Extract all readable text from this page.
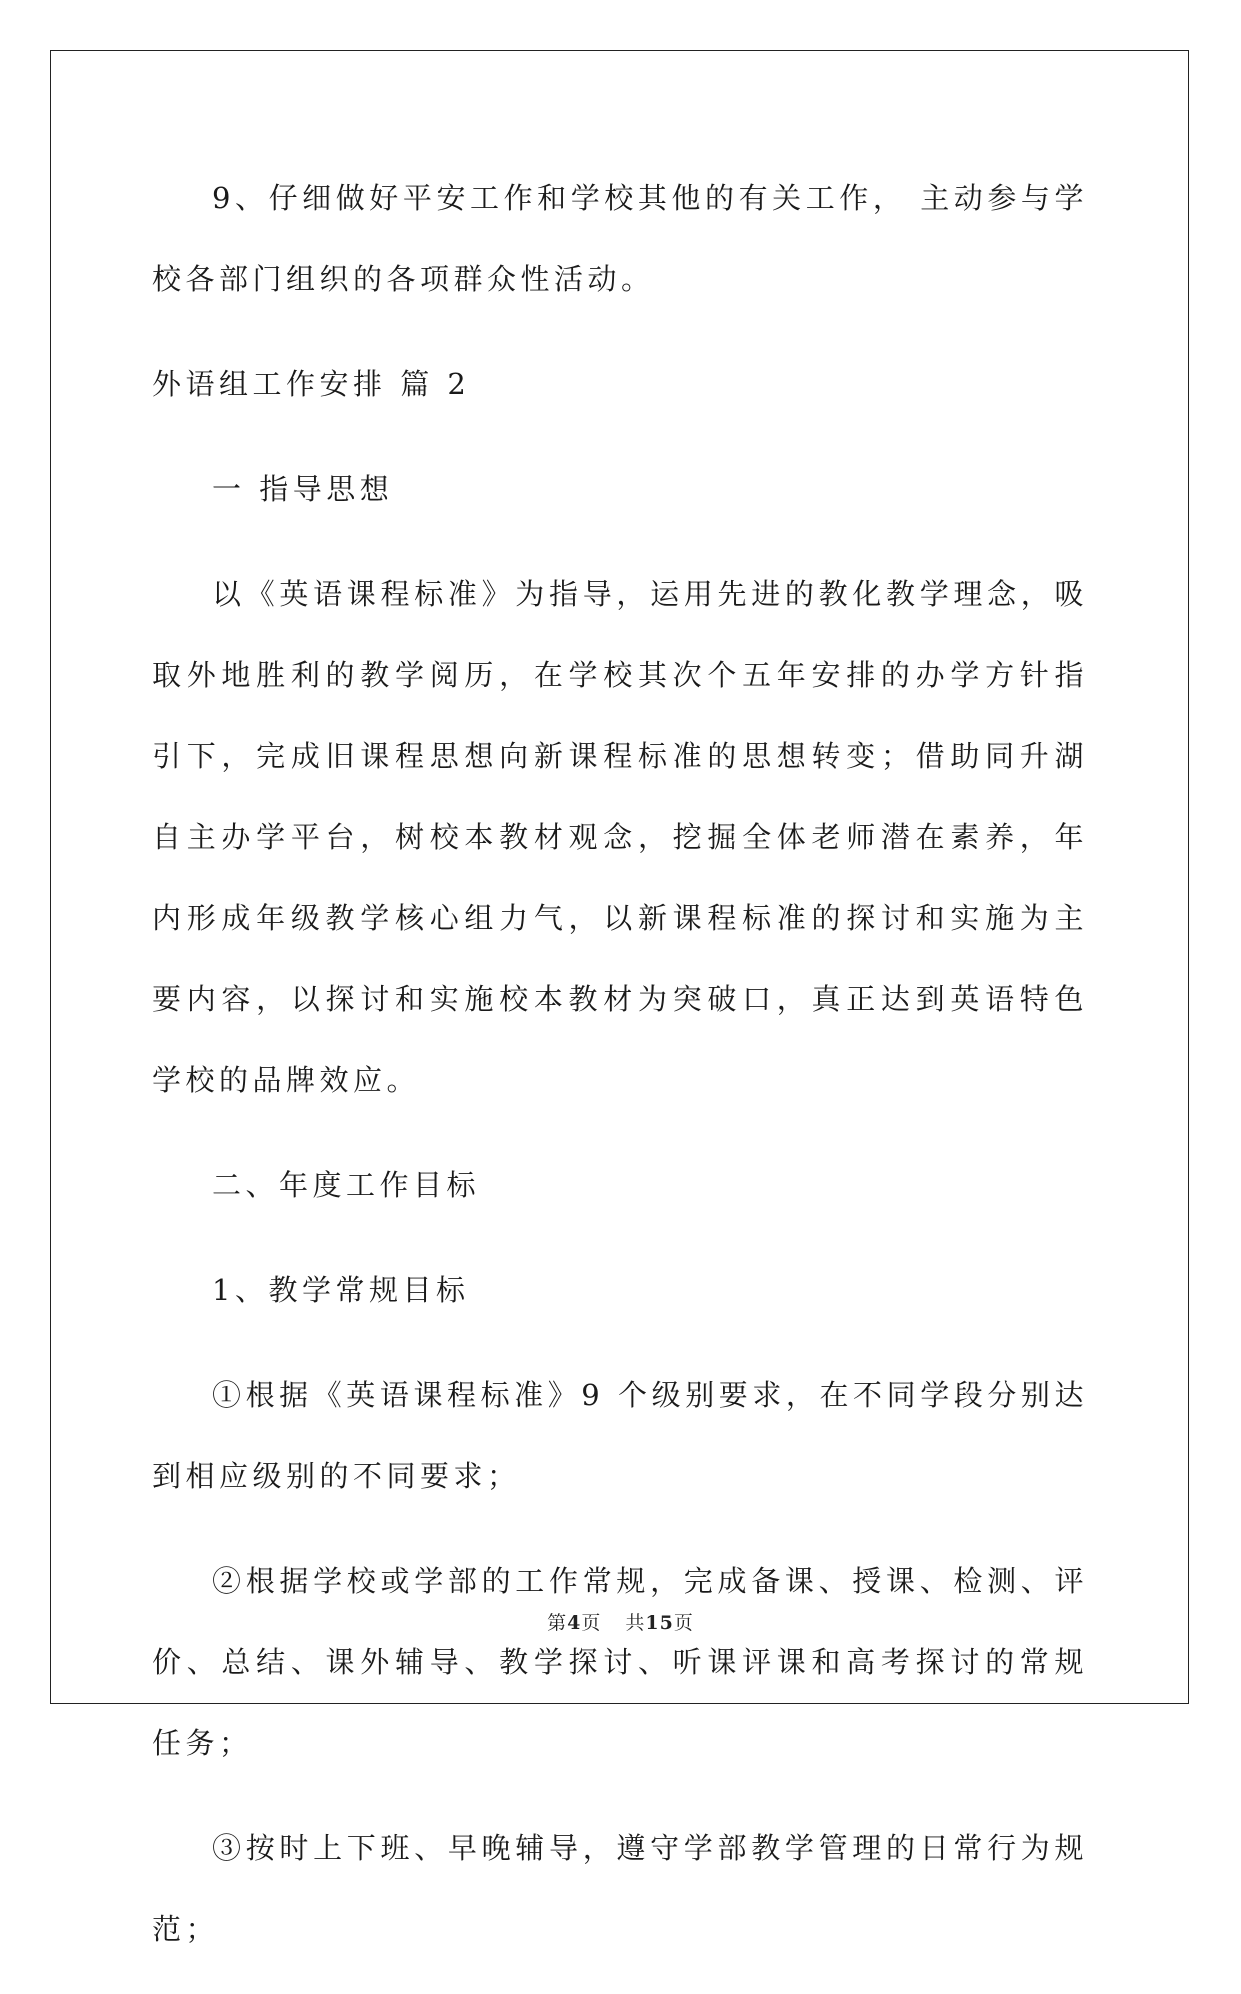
9、仔细做好平安工作和学校其他的有关工作， 主动参与学校各部门组织的各项群众性活动。

外语组工作安排 篇 2

一 指导思想

以《英语课程标准》为指导，运用先进的教化教学理念，吸取外地胜利的教学阅历，在学校其次个五年安排的办学方针指引下，完成旧课程思想向新课程标准的思想转变；借助同升湖自主办学平台，树校本教材观念，挖掘全体老师潜在素养，年内形成年级教学核心组力气，以新课程标准的探讨和实施为主要内容，以探讨和实施校本教材为突破口，真正达到英语特色学校的品牌效应。

二、年度工作目标

1、教学常规目标

①根据《英语课程标准》9 个级别要求，在不同学段分别达到相应级别的不同要求；

②根据学校或学部的工作常规，完成备课、授课、检测、评价、总结、课外辅导、教学探讨、听课评课和高考探讨的常规任务；

③按时上下班、早晚辅导，遵守学部教学管理的日常行为规范；

第4页 共15页
